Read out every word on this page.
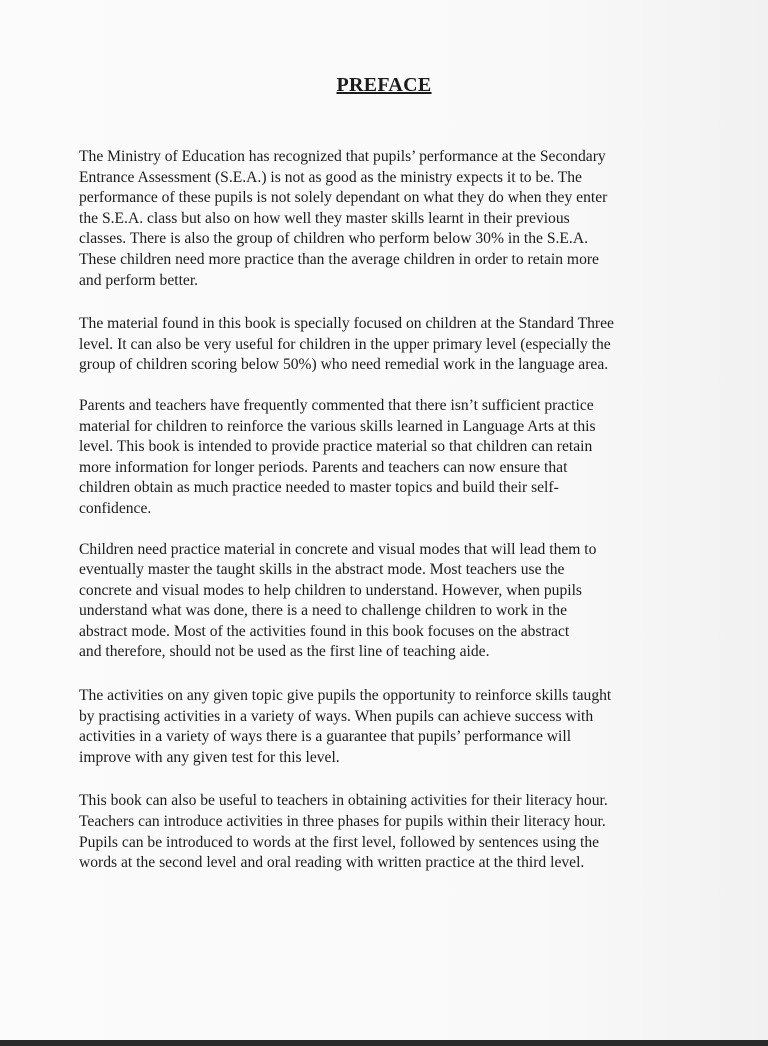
PREFACE

The Ministry of Education has recognized that pupils’ performance at the Secondary
Entrance Assessment (S.E.A.) is not as good as the ministry expects it to be. The
performance of these pupils is not solely dependant on what they do when they enter
the S.E.A. class but also on how well they master skills learnt in their previous
classes. There is also the group of children who perform below 30% in the S.E.A.
These children need more practice than the average children in order to retain more
and perform better.

The material found in this book is specially focused on children at the Standard Three
level. It can also be very useful for children in the upper primary level (especially the
group of children scoring below 50%) who need remedial work in the language area.

Parents and teachers have frequently commented that there isn’t sufficient practice
material for children to reinforce the various skills learned in Language Arts at this
level. This book is intended to provide practice material so that children can retain
more information for longer periods. Parents and teachers can now ensure that
children obtain as much practice needed to master topics and build their self-
confidence.

Children need practice material in concrete and visual modes that will lead them to
eventually master the taught skills in the abstract mode. Most teachers use the
concrete and visual modes to help children to understand. However, when pupils
understand what was done, there is a need to challenge children to work in the
abstract mode. Most of the activities found in this book focuses on the abstract
and therefore, should not be used as the first line of teaching aide.

The activities on any given topic give pupils the opportunity to reinforce skills taught
by practising activities in a variety of ways. When pupils can achieve success with
activities in a variety of ways there is a guarantee that pupils’ performance will
improve with any given test for this level.

This book can also be useful to teachers in obtaining activities for their literacy hour.
Teachers can introduce activities in three phases for pupils within their literacy hour.
Pupils can be introduced to words at the first level, followed by sentences using the
words at the second level and oral reading with written practice at the third level.
